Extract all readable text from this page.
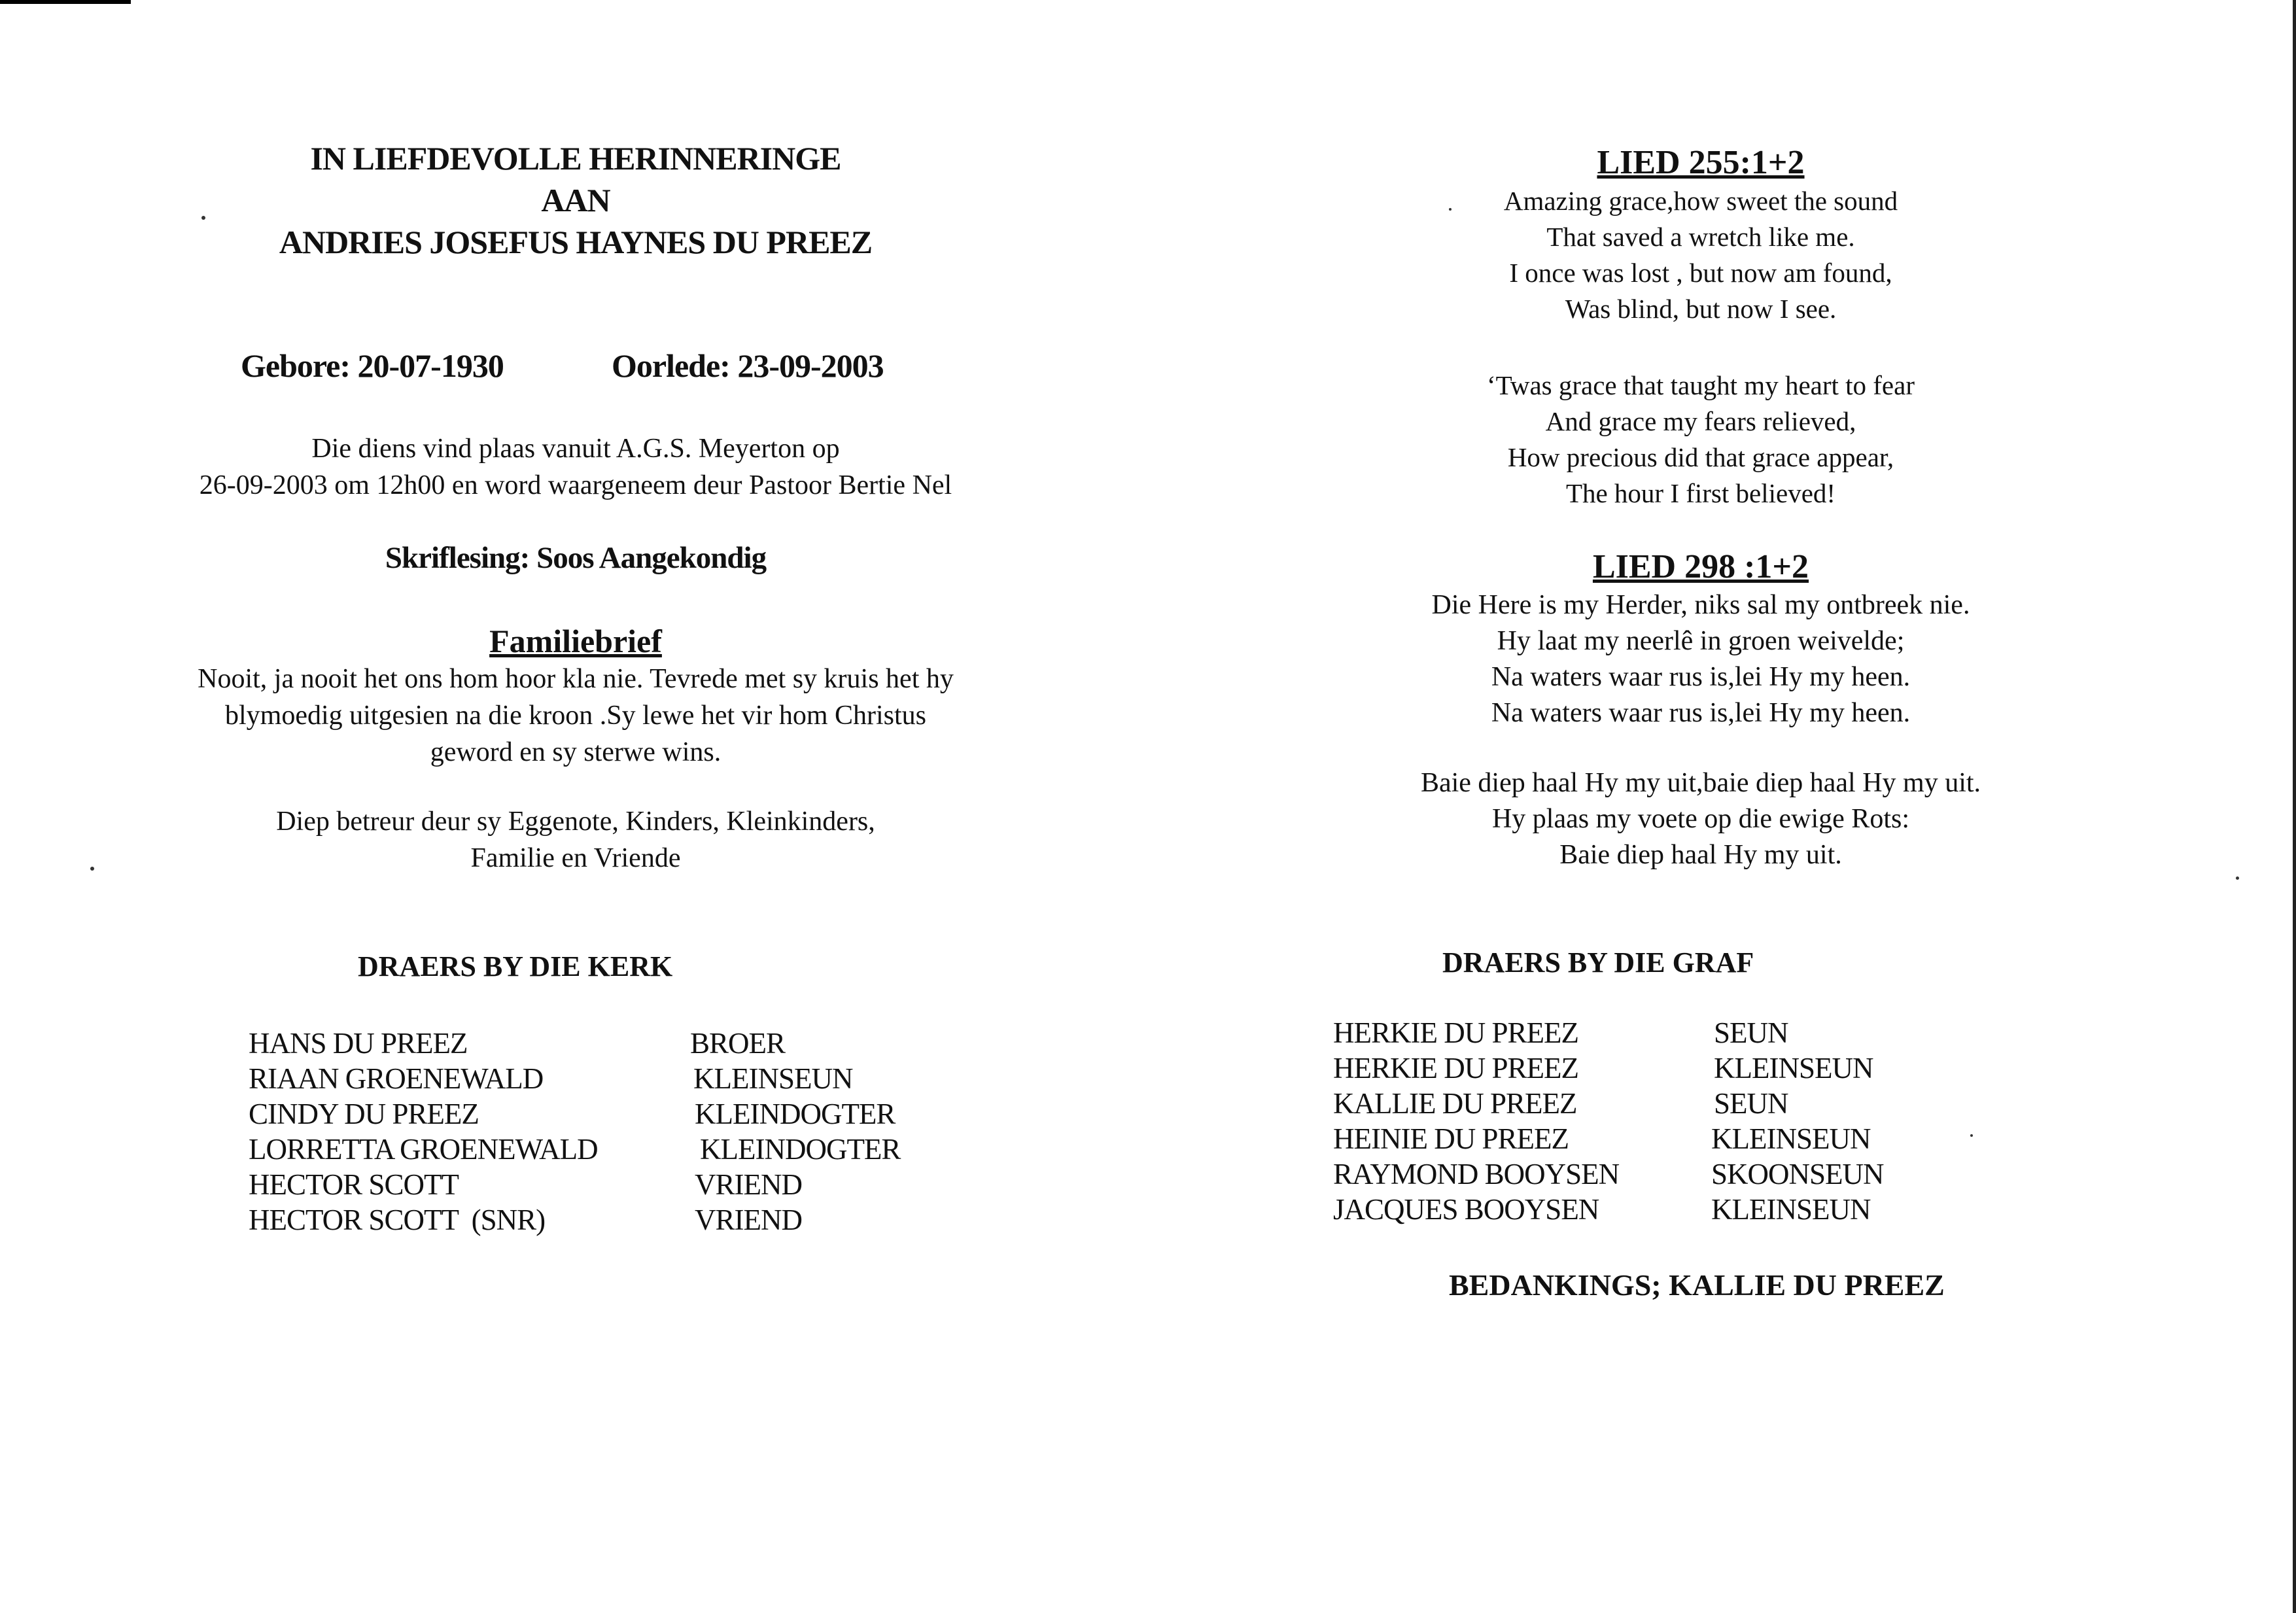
IN LIEFDEVOLLE HERINNERINGE
AAN
ANDRIES JOSEFUS HAYNES DU PREEZ
Gebore: 20-07-1930	Oorlede: 23-09-2003
Die diens vind plaas vanuit A.G.S. Meyerton op
26-09-2003 om 12h00 en word waargeneem deur Pastoor Bertie Nel
Skriflesing: Soos Aangekondig
Familiebrief
Nooit, ja nooit het ons hom hoor kla nie. Tevrede met sy kruis het hy
blymoedig uitgesien na die kroon .Sy lewe het vir hom Christus
geword en sy sterwe wins.
Diep betreur deur sy Eggenote, Kinders, Kleinkinders,
Familie en Vriende
DRAERS BY DIE KERK
HANS DU PREEZ	BROER
RIAAN GROENEWALD	KLEINSEUN
CINDY DU PREEZ	KLEINDOGTER
LORRETTA GROENEWALD	KLEINDOGTER
HECTOR SCOTT	VRIEND
HECTOR SCOTT  (SNR)	VRIEND
LIED 255:1+2
Amazing grace,how sweet the sound
That saved a wretch like me.
I once was lost , but now am found,
Was blind, but now I see.
‘Twas grace that taught my heart to fear
And grace my fears relieved,
How precious did that grace appear,
The hour I first believed!
LIED 298 :1+2
Die Here is my Herder, niks sal my ontbreek nie.
Hy laat my neerlê in groen weivelde;
Na waters waar rus is,lei Hy my heen.
Na waters waar rus is,lei Hy my heen.
Baie diep haal Hy my uit,baie diep haal Hy my uit.
Hy plaas my voete op die ewige Rots:
Baie diep haal Hy my uit.
DRAERS BY DIE GRAF
HERKIE DU PREEZ	SEUN
HERKIE DU PREEZ	KLEINSEUN
KALLIE DU PREEZ	SEUN
HEINIE DU PREEZ	KLEINSEUN
RAYMOND BOOYSEN	SKOONSEUN
JACQUES BOOYSEN	KLEINSEUN
BEDANKINGS; KALLIE DU PREEZ
